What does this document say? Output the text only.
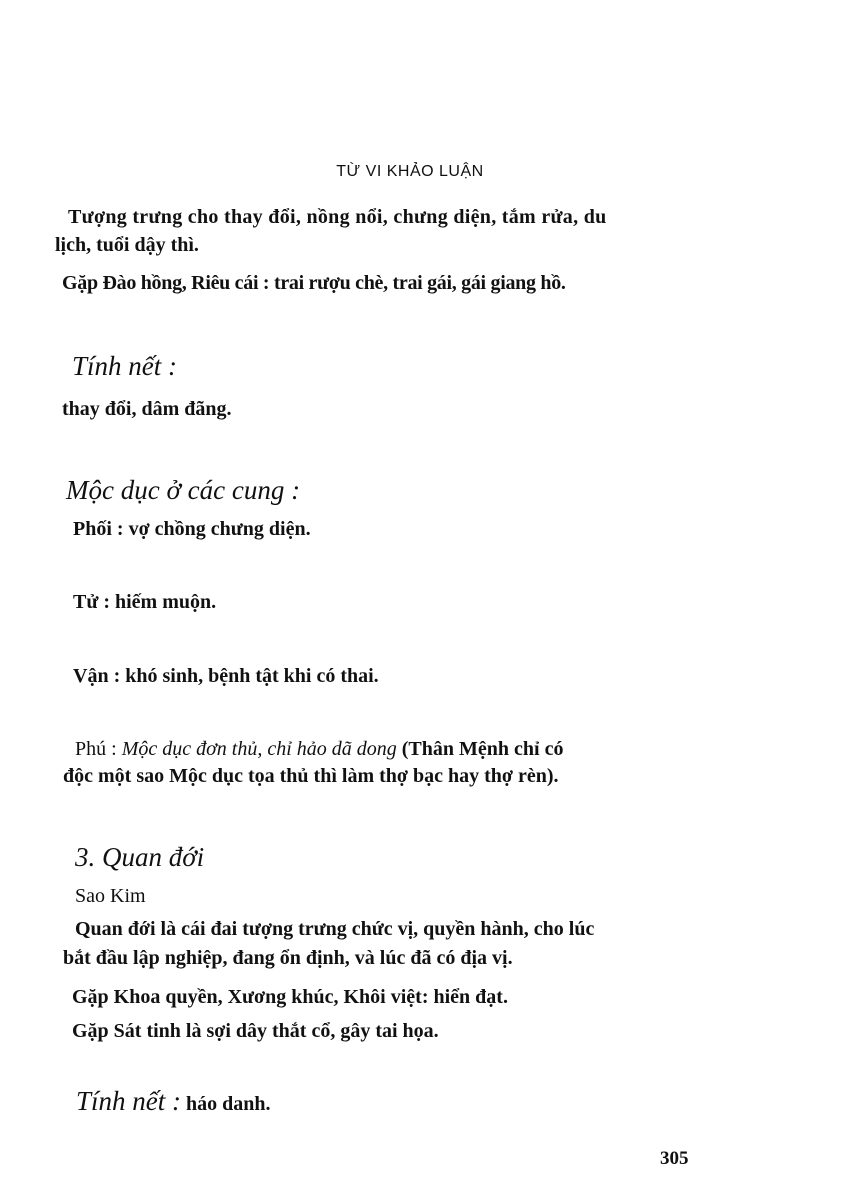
TỪ VI KHẢO LUẬN
Tượng trưng cho thay đổi, nồng nổi, chưng diện, tắm rửa, du
lịch, tuổi dậy thì.
Gặp Đào hồng, Riêu cái : trai rượu chè, trai gái, gái giang hồ.
Tính nết :
thay đổi, dâm đãng.
Mộc dục ở các cung :
Phối : vợ chồng chưng diện.
Tử : hiếm muộn.
Vận : khó sinh, bệnh tật khi có thai.
Phú : Mộc dục đơn thủ, chỉ hảo dã dong (Thân Mệnh chỉ có
độc một sao Mộc dục tọa thủ thì làm thợ bạc hay thợ rèn).
3. Quan đới
Sao Kim
Quan đới là cái đai tượng trưng chức vị, quyền hành, cho lúc
bắt đầu lập nghiệp, đang ổn định, và lúc đã có địa vị.
Gặp Khoa quyền, Xương khúc, Khôi việt: hiển đạt.
Gặp Sát tinh là sợi dây thắt cổ, gây tai họa.
Tính nết : háo danh.
305
